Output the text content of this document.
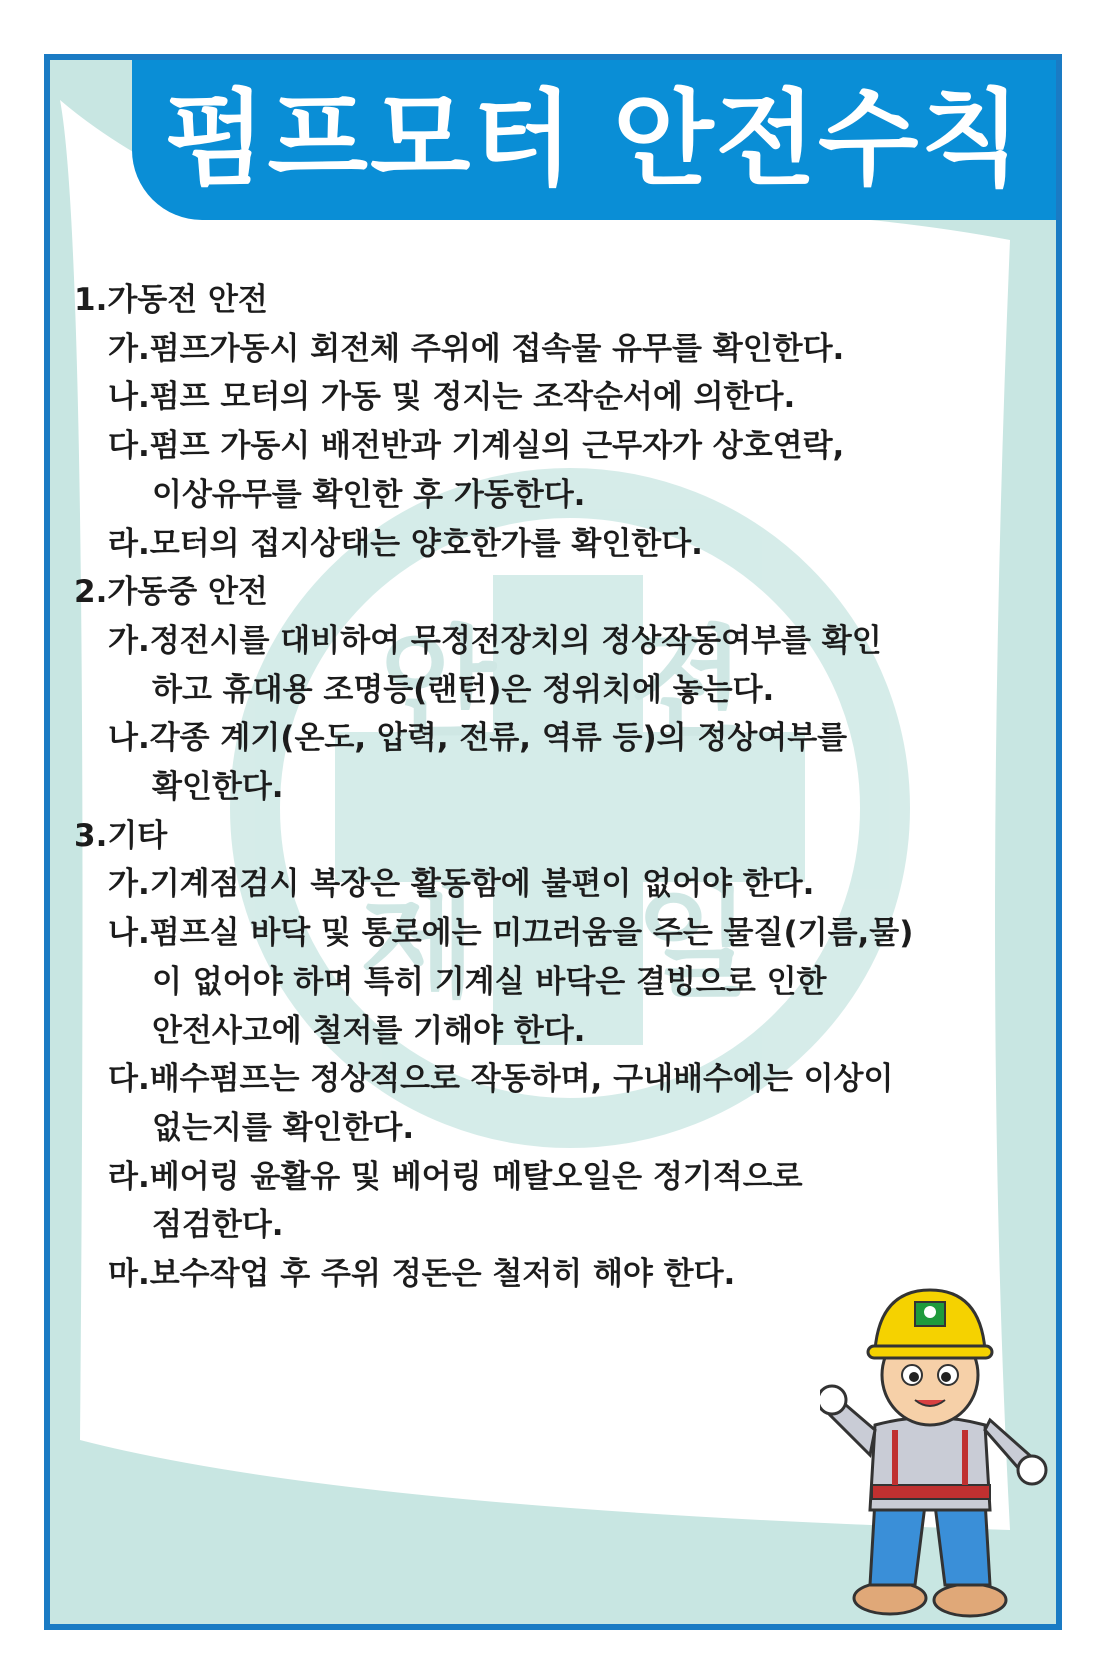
안 전
제 일
펌프모터 안전수칙
1.가동전 안전
가.펌프가동시 회전체 주위에 접속물 유무를 확인한다.
나.펌프 모터의 가동 및 정지는 조작순서에 의한다.
다.펌프 가동시 배전반과 기계실의 근무자가 상호연락,
이상유무를 확인한 후 가동한다.
라.모터의 접지상태는 양호한가를 확인한다.
2.가동중 안전
가.정전시를 대비하여 무정전장치의 정상작동여부를 확인
하고 휴대용 조명등(랜턴)은 정위치에 놓는다.
나.각종 계기(온도, 압력, 전류, 역류 등)의 정상여부를
확인한다.
3.기타
가.기계점검시 복장은 활동함에 불편이 없어야 한다.
나.펌프실 바닥 및 통로에는 미끄러움을 주는 물질(기름,물)
이 없어야 하며 특히 기계실 바닥은 결빙으로 인한
안전사고에 철저를 기해야 한다.
다.배수펌프는 정상적으로 작동하며, 구내배수에는 이상이
없는지를 확인한다.
라.베어링 윤활유 및 베어링 메탈오일은 정기적으로
점검한다.
마.보수작업 후 주위 정돈은 철저히 해야 한다.
